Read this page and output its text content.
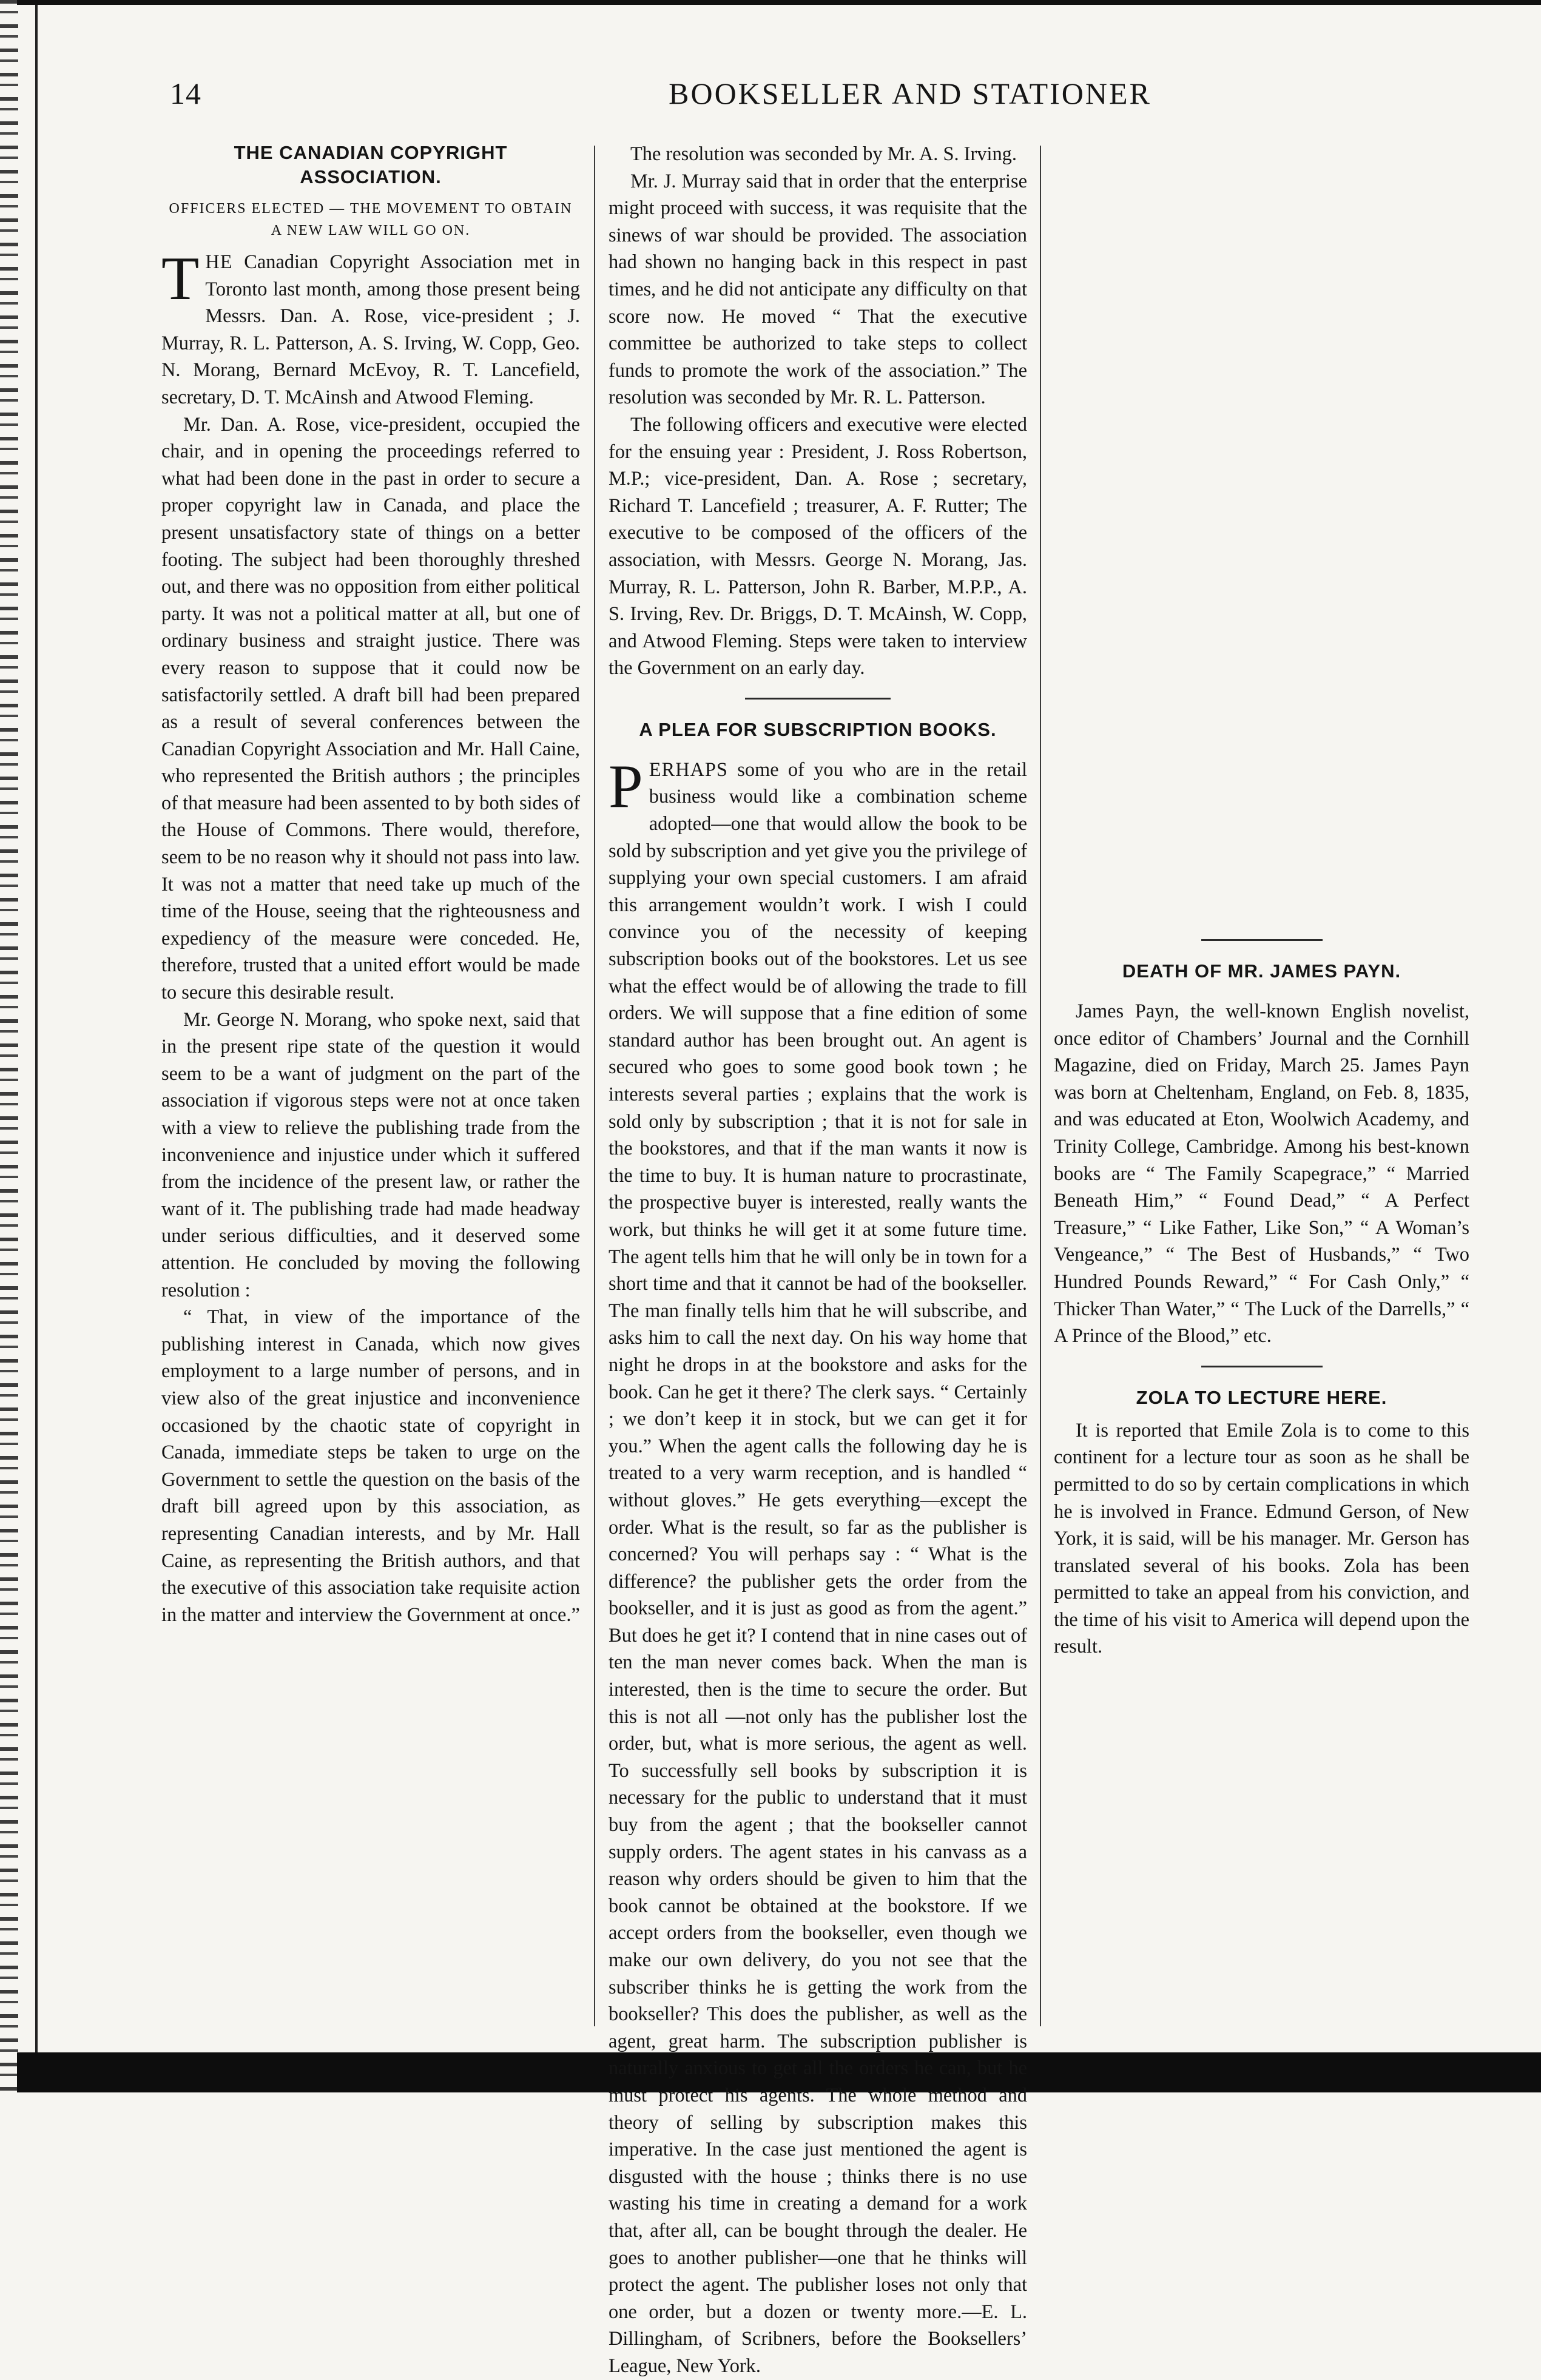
14	BOOKSELLER AND STATIONER
THE CANADIAN COPYRIGHT
ASSOCIATION.
OFFICERS ELECTED — THE MOVEMENT TO OBTAIN A NEW LAW WILL GO ON.

THE Canadian Copyright Association met in Toronto last month, among those present being Messrs. Dan. A. Rose, vice-president ; J. Murray, R. L. Patterson, A. S. Irving, W. Copp, Geo. N. Morang, Bernard McEvoy, R. T. Lancefield, secretary, D. T. McAinsh and Atwood Fleming.

Mr. Dan. A. Rose, vice-president, occupied the chair, and in opening the proceedings referred to what had been done in the past in order to secure a proper copyright law in Canada, and place the present unsatisfactory state of things on a better footing. The subject had been thoroughly threshed out, and there was no opposition from either political party. It was not a political matter at all, but one of ordinary business and straight justice. There was every reason to suppose that it could now be satisfactorily settled. A draft bill had been prepared as a result of several conferences between the Canadian Copyright Association and Mr. Hall Caine, who represented the British authors ; the principles of that measure had been assented to by both sides of the House of Commons. There would, therefore, seem to be no reason why it should not pass into law. It was not a matter that need take up much of the time of the House, seeing that the righteousness and expediency of the measure were conceded. He, therefore, trusted that a united effort would be made to secure this desirable result.

Mr. George N. Morang, who spoke next, said that in the present ripe state of the question it would seem to be a want of judgment on the part of the association if vigorous steps were not at once taken with a view to relieve the publishing trade from the inconvenience and injustice under which it suffered from the incidence of the present law, or rather the want of it. The publishing trade had made headway under serious difficulties, and it deserved some attention. He concluded by moving the following resolution :

“ That, in view of the importance of the publishing interest in Canada, which now gives employment to a large number of persons, and in view also of the great injustice and inconvenience occasioned by the chaotic state of copyright in Canada, immediate steps be taken to urge on the Government to settle the question on the basis of the draft bill agreed upon by this association, as representing Canadian interests, and by Mr. Hall Caine, as representing the British authors, and that the executive of this association take requisite action in the matter and interview the Government at once.”

The resolution was seconded by Mr. A. S. Irving.

Mr. J. Murray said that in order that the enterprise might proceed with success, it was requisite that the sinews of war should be provided. The association had shown no hanging back in this respect in past times, and he did not anticipate any difficulty on that score now. He moved “ That the executive committee be authorized to take steps to collect funds to promote the work of the association.” The resolution was seconded by Mr. R. L. Patterson.

The following officers and executive were elected for the ensuing year : President, J. Ross Robertson, M.P.; vice-president, Dan. A. Rose ; secretary, Richard T. Lancefield ; treasurer, A. F. Rutter; The executive to be composed of the officers of the association, with Messrs. George N. Morang, Jas. Murray, R. L. Patterson, John R. Barber, M.P.P., A. S. Irving, Rev. Dr. Briggs, D. T. McAinsh, W. Copp, and Atwood Fleming. Steps were taken to interview the Government on an early day.

A PLEA FOR SUBSCRIPTION BOOKS.

PERHAPS some of you who are in the retail business would like a combination scheme adopted—one that would allow the book to be sold by subscription and yet give you the privilege of supplying your own special customers. I am afraid this arrangement wouldn’t work. I wish I could convince you of the necessity of keeping subscription books out of the bookstores. Let us see what the effect would be of allowing the trade to fill orders. We will suppose that a fine edition of some standard author has been brought out. An agent is secured who goes to some good book town ; he interests several parties ; explains that the work is sold only by subscription ; that it is not for sale in the bookstores, and that if the man wants it now is the time to buy. It is human nature to procrastinate, the prospective buyer is interested, really wants the work, but thinks he will get it at some future time. The agent tells him that he will only be in town for a short time and that it cannot be had of the bookseller. The man finally tells him that he will subscribe, and asks him to call the next day. On his way home that night he drops in at the bookstore and asks for the book. Can he get it there? The clerk says. “ Certainly ; we don’t keep it in stock, but we can get it for you.” When the agent calls the following day he is treated to a very warm reception, and is handled “ without gloves.” He gets everything—except the order. What is the result, so far as the publisher is concerned? You will perhaps say : “ What is the difference? the publisher gets the order from the bookseller, and it is just as good as from the agent.” But does he get it? I contend that in nine cases out of ten the man never comes back. When the man is interested, then is the time to secure the order. But this is not all —not only has the publisher lost the order, but, what is more serious, the agent as well. To successfully sell books by subscription it is necessary for the public to understand that it must buy from the agent ; that the bookseller cannot supply orders. The agent states in his canvass as a reason why orders should be given to him that the book cannot be obtained at the bookstore. If we accept orders from the bookseller, even though we make our own delivery, do you not see that the subscriber thinks he is getting the work from the bookseller? This does the publisher, as well as the agent, great harm. The subscription publisher is naturally anxious to get all the orders he can, but he must protect his agents. The whole method and theory of selling by subscription makes this imperative. In the case just mentioned the agent is disgusted with the house ; thinks there is no use wasting his time in creating a demand for a work that, after all, can be bought through the dealer. He goes to another publisher—one that he thinks will protect the agent. The publisher loses not only that one order, but a dozen or twenty more.—E. L. Dillingham, of Scribners, before the Booksellers’ League, New York.

DEATH OF MR. JAMES PAYN.

James Payn, the well-known English novelist, once editor of Chambers’ Journal and the Cornhill Magazine, died on Friday, March 25. James Payn was born at Cheltenham, England, on Feb. 8, 1835, and was educated at Eton, Woolwich Academy, and Trinity College, Cambridge. Among his best-known books are “ The Family Scapegrace,” “ Married Beneath Him,” “ Found Dead,” “ A Perfect Treasure,” “ Like Father, Like Son,” “ A Woman’s Vengeance,” “ The Best of Husbands,” “ Two Hundred Pounds Reward,” “ For Cash Only,” “ Thicker Than Water,” “ The Luck of the Darrells,” “ A Prince of the Blood,” etc.

ZOLA TO LECTURE HERE.

It is reported that Emile Zola is to come to this continent for a lecture tour as soon as he shall be permitted to do so by certain complications in which he is involved in France. Edmund Gerson, of New York, it is said, will be his manager. Mr. Gerson has translated several of his books. Zola has been permitted to take an appeal from his conviction, and the time of his visit to America will depend upon the result.
